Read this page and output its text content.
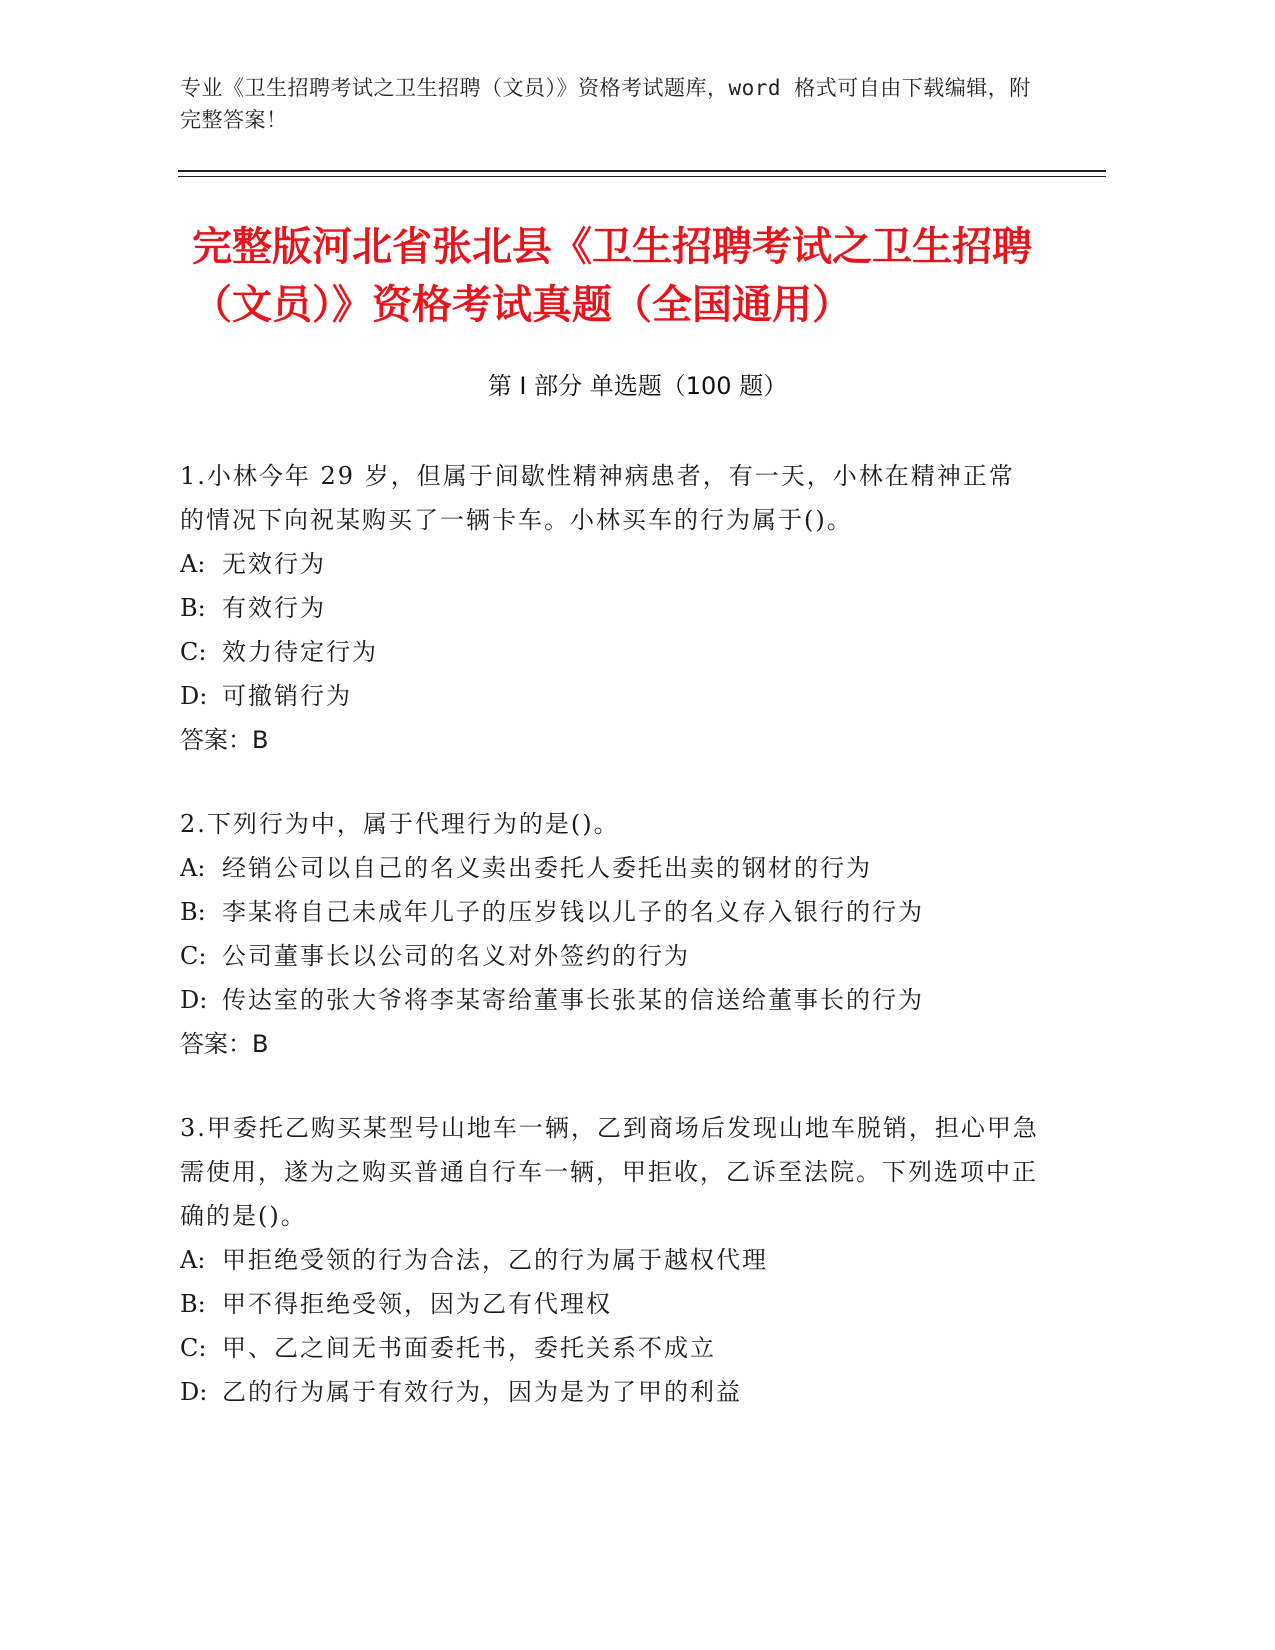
专业《卫生招聘考试之卫生招聘（文员）》资格考试题库，word 格式可自由下载编辑，附完整答案！
完整版河北省张北县《卫生招聘考试之卫生招聘（文员）》资格考试真题（全国通用）
第 I 部分 单选题（100 题）

1.小林今年 29 岁，但属于间歇性精神病患者，有一天，小林在精神正常的情况下向祝某购买了一辆卡车。小林买车的行为属于()。

A: 无效行为

B: 有效行为

C: 效力待定行为

D: 可撤销行为

答案：B

2.下列行为中，属于代理行为的是()。

A: 经销公司以自己的名义卖出委托人委托出卖的钢材的行为

B: 李某将自己未成年儿子的压岁钱以儿子的名义存入银行的行为

C: 公司董事长以公司的名义对外签约的行为

D: 传达室的张大爷将李某寄给董事长张某的信送给董事长的行为

答案：B

3.甲委托乙购买某型号山地车一辆，乙到商场后发现山地车脱销，担心甲急需使用，遂为之购买普通自行车一辆，甲拒收，乙诉至法院。下列选项中正确的是()。

A: 甲拒绝受领的行为合法，乙的行为属于越权代理

B: 甲不得拒绝受领，因为乙有代理权

C: 甲、乙之间无书面委托书，委托关系不成立

D: 乙的行为属于有效行为，因为是为了甲的利益
